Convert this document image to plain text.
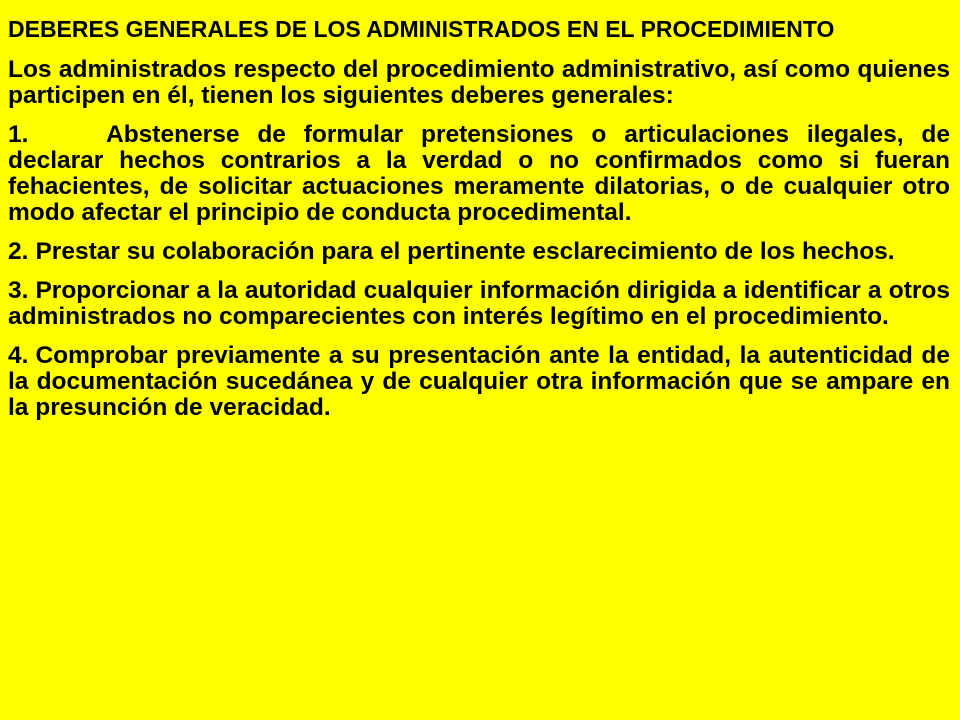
DEBERES GENERALES DE LOS ADMINISTRADOS EN EL PROCEDIMIENTO

Los administrados respecto del procedimiento administrativo, así como quienes participen en él, tienen los siguientes deberes generales:

1.	Abstenerse de formular pretensiones o articulaciones ilegales, de declarar hechos contrarios a la verdad o no confirmados como si fueran fehacientes, de solicitar actuaciones meramente dilatorias, o de cualquier otro modo afectar el principio de conducta procedimental.

2. Prestar su colaboración para el pertinente esclarecimiento de los hechos.

3. Proporcionar a la autoridad cualquier información dirigida a identificar a otros administrados no comparecientes con interés legítimo en el procedimiento.

4. Comprobar previamente a su presentación ante la entidad, la autenticidad de la documentación sucedánea y de cualquier otra información que se ampare en la presunción de veracidad.
